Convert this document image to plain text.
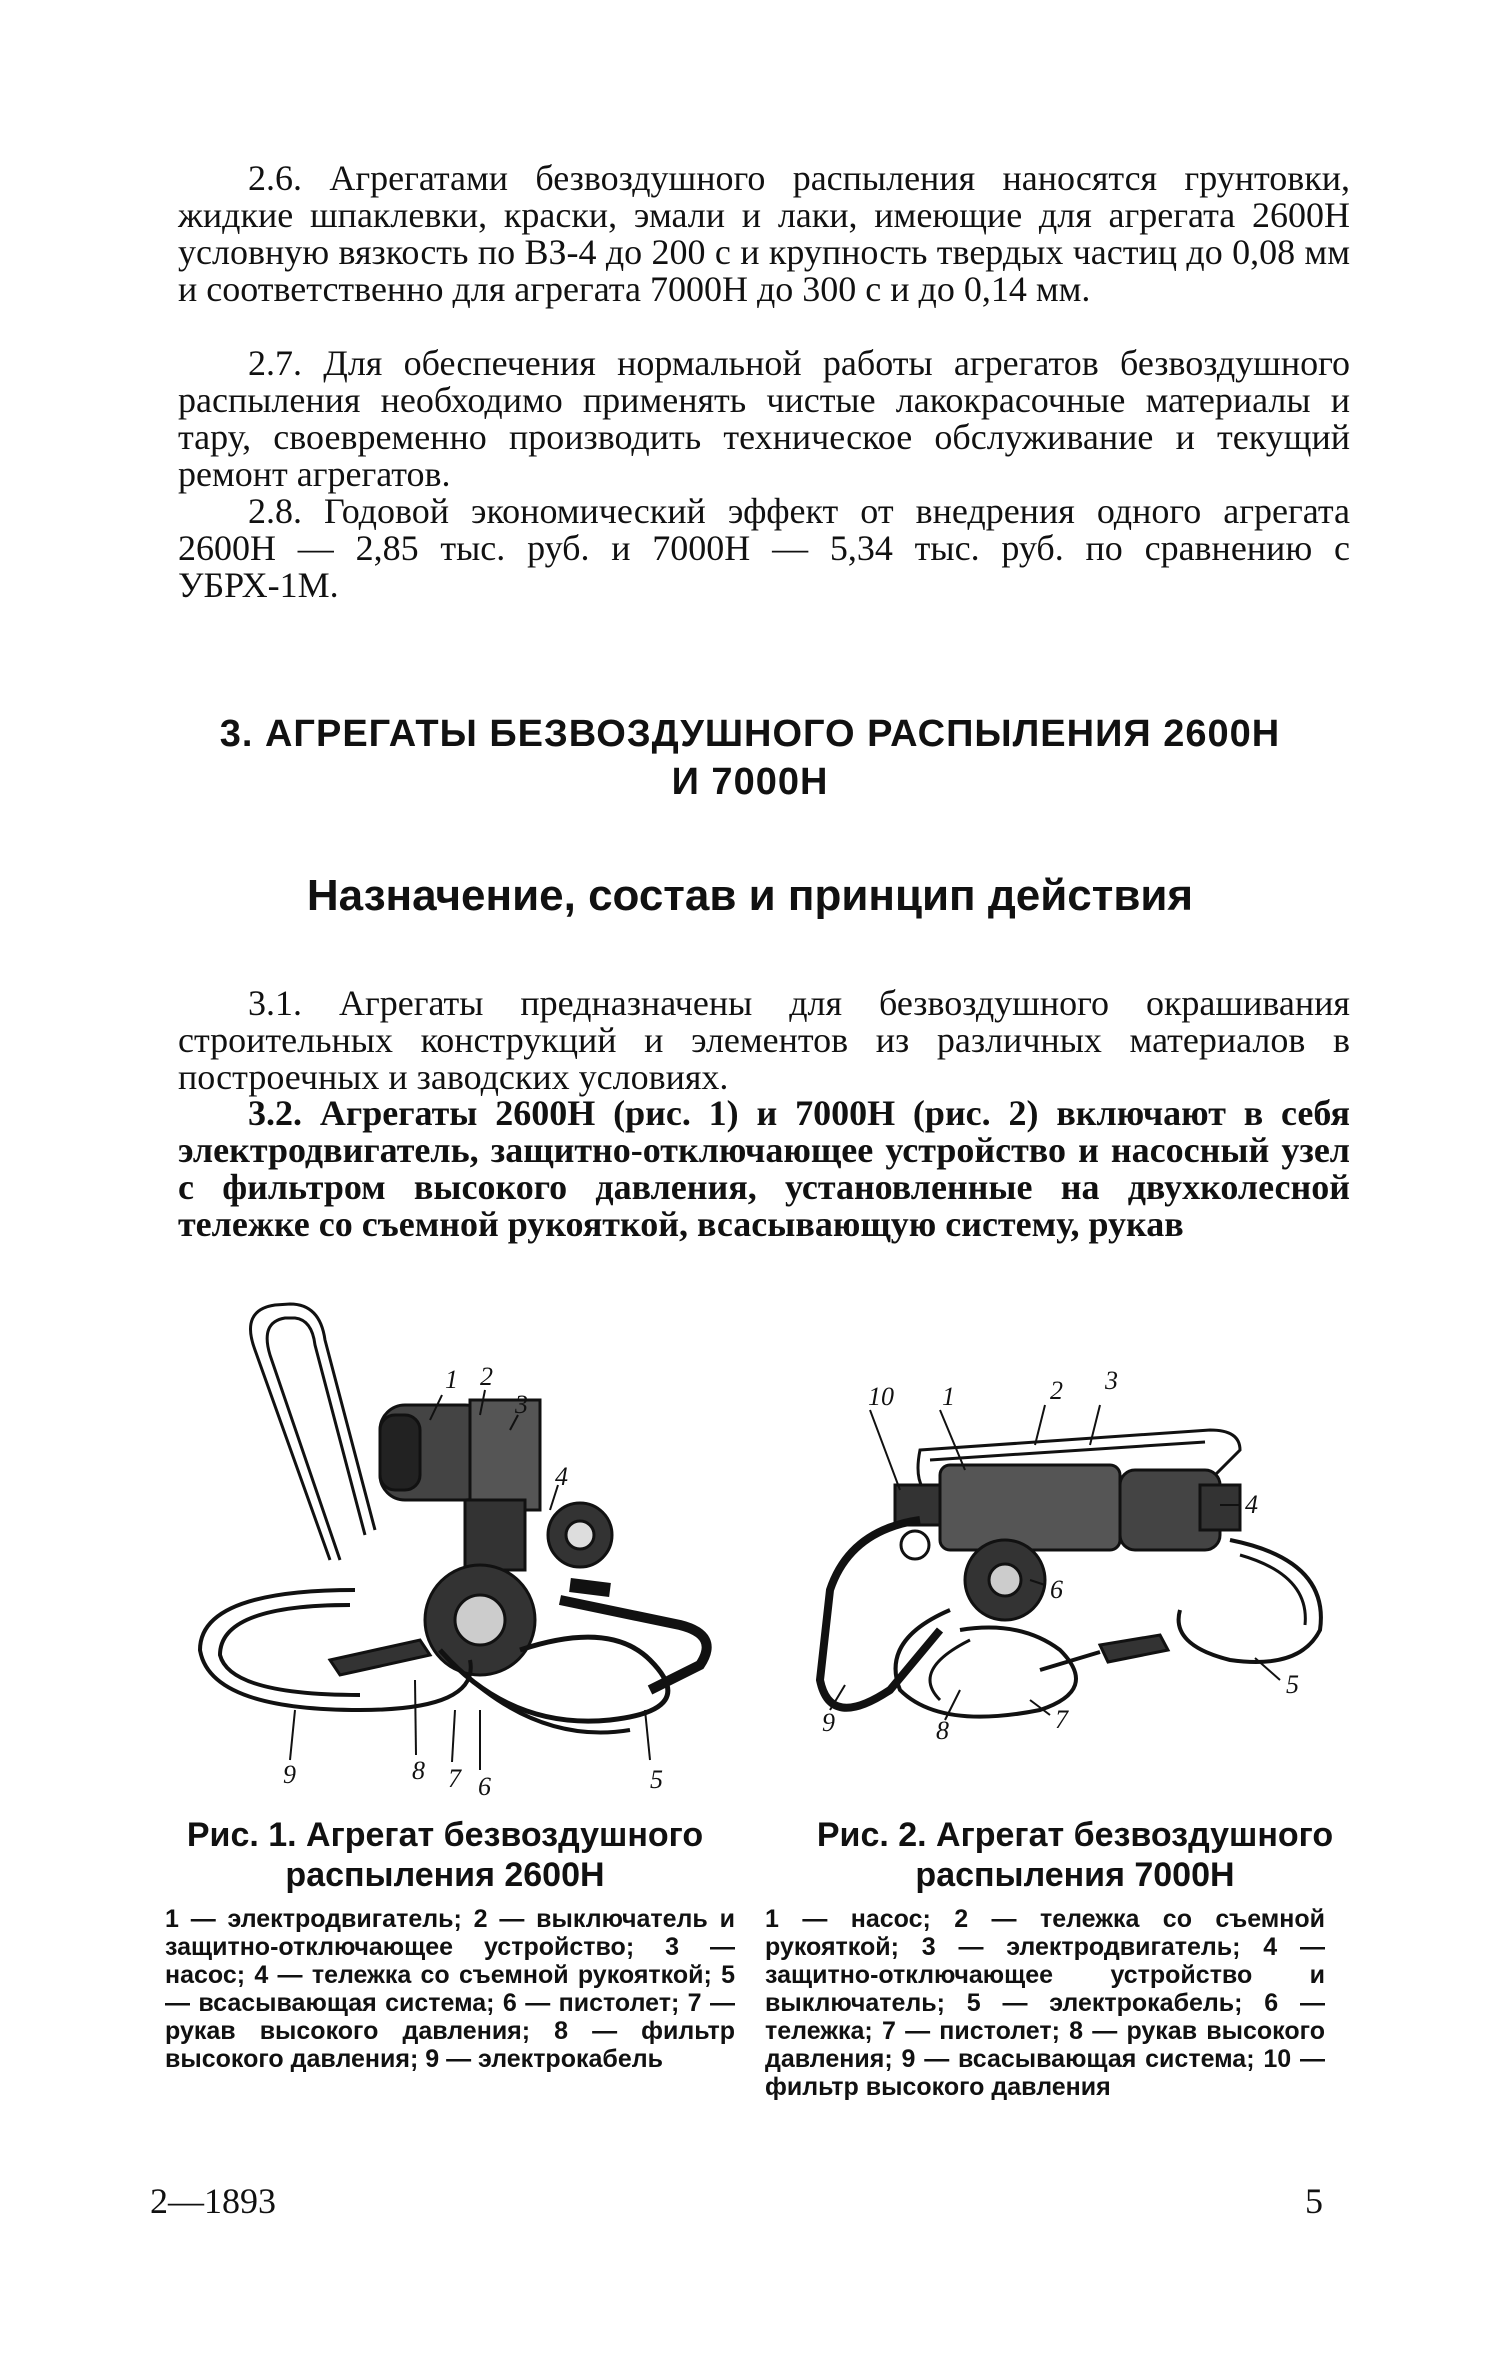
2.6. Агрегатами безвоздушного распыления наносятся грунтовки, жидкие шпаклевки, краски, эмали и лаки, имеющие для агрегата 2600Н условную вязкость по ВЗ-4 до 200 с и крупность твердых частиц до 0,08 мм и соответственно для агрегата 7000Н до 300 с и до 0,14 мм.

2.7. Для обеспечения нормальной работы агрегатов безвоздушного распыления необходимо применять чистые лакокрасочные материалы и тару, своевременно производить техническое обслуживание и текущий ремонт агрегатов.

2.8. Годовой экономический эффект от внедрения одного агрегата 2600Н — 2,85 тыс. руб. и 7000Н — 5,34 тыс. руб. по сравнению с УБРХ-1М.

3. АГРЕГАТЫ БЕЗВОЗДУШНОГО РАСПЫЛЕНИЯ 2600Н
И 7000Н
Назначение, состав и принцип действия

3.1. Агрегаты предназначены для безвоздушного окрашивания строительных конструкций и элементов из различных материалов в построечных и заводских условиях.

3.2. Агрегаты 2600Н (рис. 1) и 7000Н (рис. 2) включают в себя электродвигатель, защитно-отключающее устройство и насосный узел с фильтром высокого давления, установленные на двухколесной тележке со съемной рукояткой, всасывающую систему, рукав

1 2
3
4
5
6
7
8
9
10 1	2 3
4
5
6
7
8
9

Рис. 1. Агрегат безвоздушного распыления 2600Н

1 — электродвигатель; 2 — выключатель и защитно-отключающее устройство; 3 — насос; 4 — тележка со съемной рукояткой; 5 — всасывающая система; 6 — пистолет; 7 — рукав высокого давления; 8 — фильтр высокого давления; 9 — электрокабель

Рис. 2. Агрегат безвоздушного распыления 7000Н

1 — насос; 2 — тележка со съемной рукояткой; 3 — электродвигатель; 4 — защитно-отключающее устройство и выключатель; 5 — электрокабель; 6 — тележка; 7 — пистолет; 8 — рукав высокого давления; 9 — всасывающая система; 10 — фильтр высокого давления

2—1893	5
